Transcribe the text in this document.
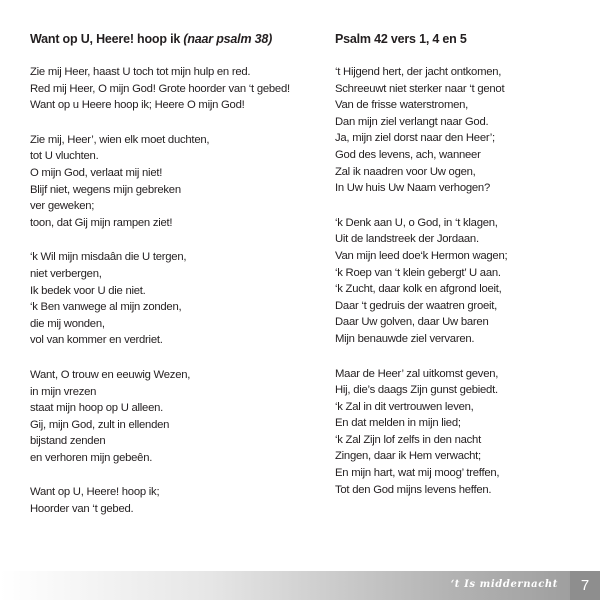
Want op U, Heere! hoop ik (naar psalm 38)
Zie mij Heer, haast U toch tot mijn hulp en red.
Red mij Heer, O mijn God! Grote hoorder van ‘t gebed!
Want op u Heere hoop ik; Heere O mijn God!
Zie mij, Heer’, wien elk moet duchten,
tot U vluchten.
O mijn God, verlaat mij niet!
Blijf niet, wegens mijn gebreken
ver geweken;
toon, dat Gij mijn rampen ziet!
‘k Wil mijn misdaân die U tergen,
niet verbergen,
Ik bedek voor U die niet.
‘k Ben vanwege al mijn zonden,
die mij wonden,
vol van kommer en verdriet.
Want, O trouw en eeuwig Wezen,
in mijn vrezen
staat mijn hoop op U alleen.
Gij, mijn God, zult in ellenden
bijstand zenden
en verhoren mijn gebeên.
Want op U, Heere! hoop ik;
Hoorder van ‘t gebed.
Psalm 42 vers 1, 4 en 5
‘t Hijgend hert, der jacht ontkomen,
Schreeuwt niet sterker naar ‘t genot
Van de frisse waterstromen,
Dan mijn ziel verlangt naar God.
Ja, mijn ziel dorst naar den Heer’;
God des levens, ach, wanneer
Zal ik naadren voor Uw ogen,
In Uw huis Uw Naam verhogen?
‘k Denk aan U, o God, in ‘t klagen,
Uit de landstreek der Jordaan.
Van mijn leed doe‘k Hermon wagen;
‘k Roep van ‘t klein gebergt’ U aan.
‘k Zucht, daar kolk en afgrond loeit,
Daar ‘t gedruis der waatren groeit,
Daar Uw golven, daar Uw baren
Mijn benauwde ziel vervaren.
Maar de Heer’ zal uitkomst geven,
Hij, die’s daags Zijn gunst gebiedt.
‘k Zal in dit vertrouwen leven,
En dat melden in mijn lied;
‘k Zal Zijn lof zelfs in den nacht
Zingen, daar ik Hem verwacht;
En mijn hart, wat mij moog’ treffen,
Tot den God mijns levens heffen.
‘t Is middernacht	7
